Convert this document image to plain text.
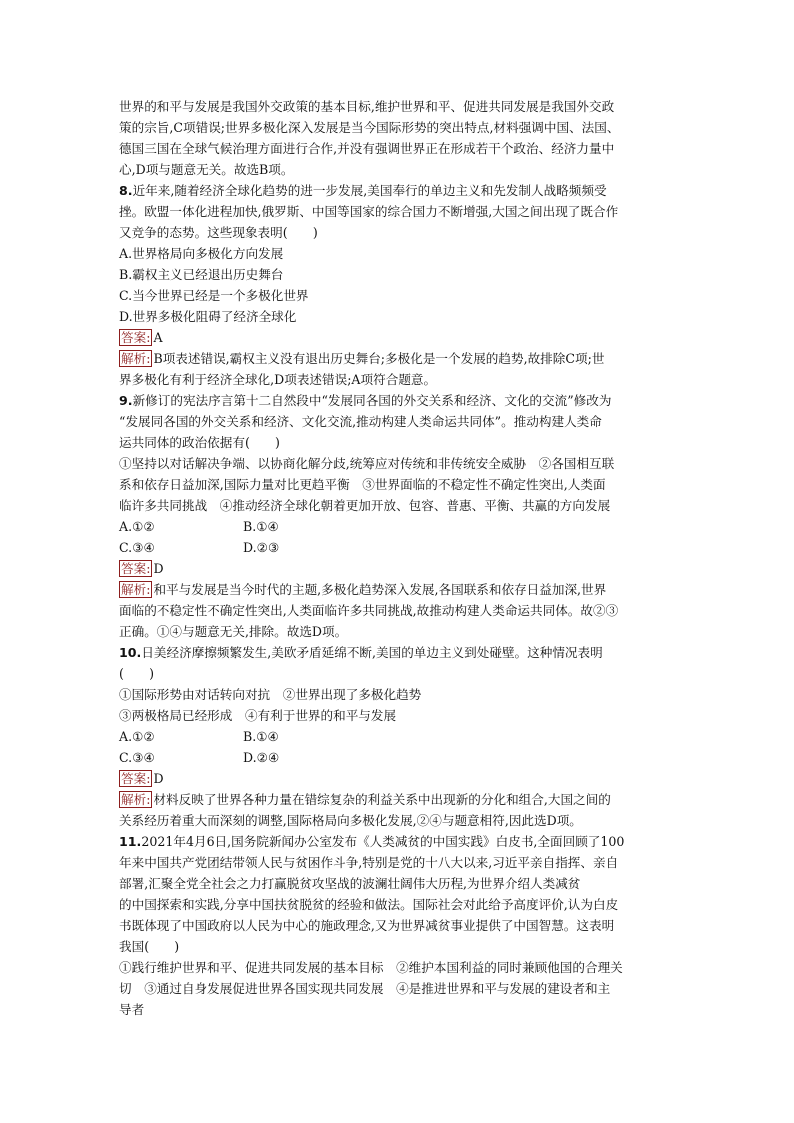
世界的和平与发展是我国外交政策的基本目标,维护世界和平、促进共同发展是我国外交政

策的宗旨,C项错误;世界多极化深入发展是当今国际形势的突出特点,材料强调中国、法国、

德国三国在全球气候治理方面进行合作,并没有强调世界正在形成若干个政治、经济力量中

心,D项与题意无关。故选B项。

8.近年来,随着经济全球化趋势的进一步发展,美国奉行的单边主义和先发制人战略频频受

挫。欧盟一体化进程加快,俄罗斯、中国等国家的综合国力不断增强,大国之间出现了既合作

又竞争的态势。这些现象表明(　　)

A.世界格局向多极化方向发展

B.霸权主义已经退出历史舞台

C.当今世界已经是一个多极化世界

D.世界多极化阻碍了经济全球化

答案: A

解析: B项表述错误,霸权主义没有退出历史舞台;多极化是一个发展的趋势,故排除C项;世

界多极化有利于经济全球化,D项表述错误;A项符合题意。

9.新修订的宪法序言第十二自然段中“发展同各国的外交关系和经济、文化的交流”修改为

“发展同各国的外交关系和经济、文化交流,推动构建人类命运共同体”。推动构建人类命

运共同体的政治依据有(　　)

①坚持以对话解决争端、以协商化解分歧,统筹应对传统和非传统安全威胁　②各国相互联

系和依存日益加深,国际力量对比更趋平衡　③世界面临的不稳定性不确定性突出,人类面

临许多共同挑战　④推动经济全球化朝着更加开放、包容、普惠、平衡、共赢的方向发展

A.①②	B.①④

C.③④	D.②③

答案: D

解析: 和平与发展是当今时代的主题,多极化趋势深入发展,各国联系和依存日益加深,世界

面临的不稳定性不确定性突出,人类面临许多共同挑战,故推动构建人类命运共同体。故②③

正确。①④与题意无关,排除。故选D项。

10.日美经济摩擦频繁发生,美欧矛盾延绵不断,美国的单边主义到处碰壁。这种情况表明

(　　)

①国际形势由对话转向对抗　②世界出现了多极化趋势

③两极格局已经形成　④有利于世界的和平与发展

A.①②	B.①④

C.③④	D.②④

答案: D

解析: 材料反映了世界各种力量在错综复杂的利益关系中出现新的分化和组合,大国之间的

关系经历着重大而深刻的调整,国际格局向多极化发展,②④与题意相符,因此选D项。

11.2021年4月6日,国务院新闻办公室发布《人类减贫的中国实践》白皮书,全面回顾了100

年来中国共产党团结带领人民与贫困作斗争,特别是党的十八大以来,习近平亲自指挥、亲自

部署,汇聚全党全社会之力打赢脱贫攻坚战的波澜壮阔伟大历程,为世界介绍人类减贫

的中国探索和实践,分享中国扶贫脱贫的经验和做法。国际社会对此给予高度评价,认为白皮

书既体现了中国政府以人民为中心的施政理念,又为世界减贫事业提供了中国智慧。这表明

我国(　　)

①践行维护世界和平、促进共同发展的基本目标　②维护本国利益的同时兼顾他国的合理关

切　③通过自身发展促进世界各国实现共同发展　④是推进世界和平与发展的建设者和主

导者
